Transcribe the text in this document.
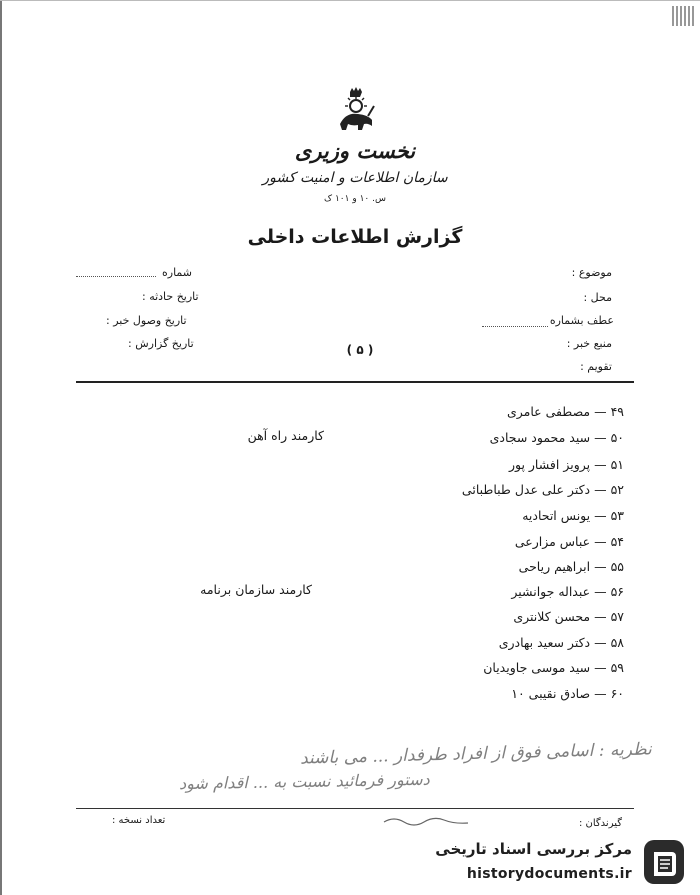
نخست وزیری
سازمان اطلاعات و امنیت کشور
س. ۱۰ و ۱۰۱ ک
گزارش اطلاعات داخلی
موضوع :
محل :
عطف بشماره
منبع خبر :
تقویم :
شماره
تاریخ حادثه :
تاریخ وصول خبر :
تاریخ گزارش :	( ۵ )
۴۹ — مصطفی عامری
۵۰ — سید محمود سجادی
کارمند راه آهن
۵۱ — پرویز افشار پور
۵۲ — دکتر علی عدل طباطبائی
۵۳ — یونس اتحادیه
۵۴ — عباس مزارعی
۵۵ — ابراهیم ریاحی
۵۶ — عبداله جوانشیر
کارمند سازمان برنامه
۵۷ — محسن کلانتری
۵۸ — دکتر سعید بهادری
۵۹ — سید موسی جاویدیان
۶۰ — صادق نقیبی ۱۰
نظریه : اسامی فوق از افراد طرفدار ... می باشند
دستور فرمائید نسبت به ... اقدام شود
گیرندگان :
تعداد نسخه :
مرکز بررسی اسناد تاریخی
historydocuments.ir
